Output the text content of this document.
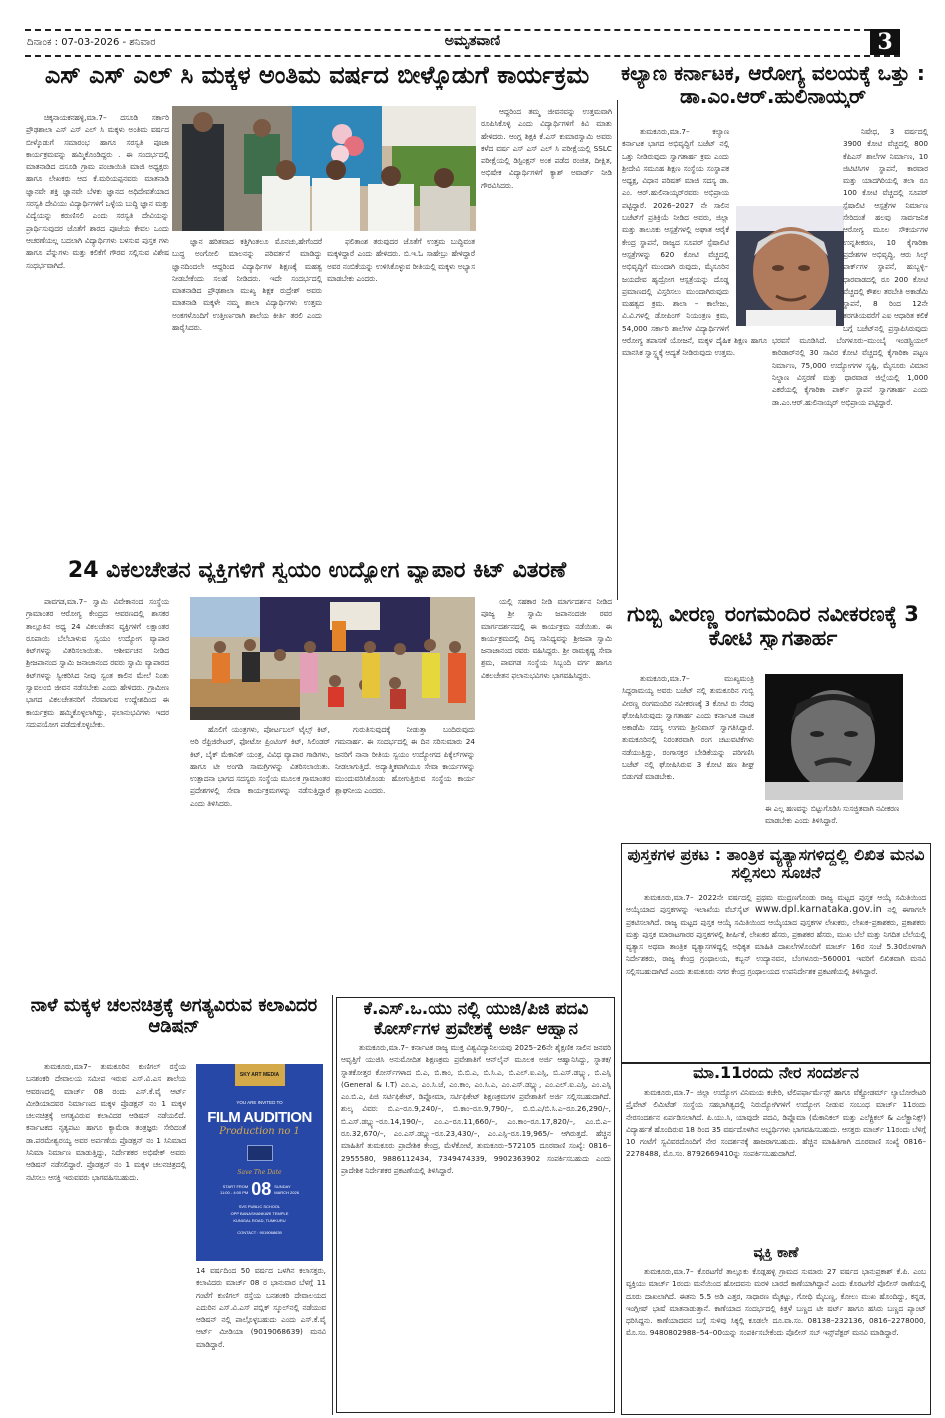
ದಿನಾಂಕ : 07-03-2026 - ಶನಿವಾರ	ಅಮೃತವಾಣಿ	3
ಎಸ್ ಎಸ್ ಎಲ್ ಸಿ ಮಕ್ಕಳ ಅಂತಿಮ ವರ್ಷದ ಬೀಳ್ಕೊಡುಗೆ ಕಾರ್ಯಕ್ರಮ

ಚಿಕ್ಕನಾಯಕನಹಳ್ಳಿ,ಮಾ.7– ದಸೂಡಿ ಸರ್ಕಾರಿ ಪ್ರೌಢಶಾಲಾ ಎಸ್ ಎಸ್ ಎಲ್ ಸಿ ಮಕ್ಕಳು ಅಂತಿಮ ವರ್ಷದ ಬೀಳ್ಕೊಡುಗೆ ಸಮಾರಂಭ ಹಾಗೂ ಸರಸ್ವತಿ ಪೂಜಾ ಕಾರ್ಯಕ್ರಮವನ್ನು ಹಮ್ಮಿಕೊಂಡಿದ್ದರು . ಈ ಸಂದರ್ಭದಲ್ಲಿ ಮಾತನಾಡಿದ ದಸೂಡಿ ಗ್ರಾಮ ಪಂಚಾಯಿತಿ ಮಾಜಿ ಅಧ್ಯಕ್ಷರು ಹಾಗೂ ಲೇಖಕರು ಆದ ಕೆ.ಮರಿಯಪ್ಪನವರು ಮಾತನಾಡಿ ಜ್ಞಾನವೇ ಶಕ್ತಿ ಜ್ಞಾನವೇ ಬೆಳಕು ಜ್ಞಾನದ ಅಧಿದೇವತೆಯಾದ ಸರಸ್ವತಿ ದೇವಿಯು ವಿದ್ಯಾರ್ಥಿಗಳಿಗೆ ಒಳ್ಳೆಯ ಬುದ್ಧಿ ಜ್ಞಾನ ಮತ್ತು ವಿದ್ಯೆಯನ್ನು ಕರುಣಿಸಲಿ ಎಂದು ಸರಸ್ವತಿ ದೇವಿಯನ್ನು ಪ್ರಾರ್ಥಿಸುವುದರ ಜೊತೆಗೆ ಶಾರದ ಪೂಜೆಯ ಕೇವಲ ಒಂದು ಆಚರಣೆಯಲ್ಲ ಬದಲಾಗಿ ವಿದ್ಯಾರ್ಥಿಗಳು ಬಳಸುವ ಪುಸ್ತಕ ಗಳು ಹಾಗೂ ಪೆನ್ನುಗಳು ಮತ್ತು ಕಲಿಕೆಗೆ ಗೌರವ ಸಲ್ಲಿಸುವ ವಿಶೇಷ ಸಂಧರ್ಭವಾಗಿದೆ.

ಜ್ಞಾನ ಹರಿತವಾದ ಕತ್ತಿಗಿಂತಲೂ ಮೊನಚು,ಹೇಗೆಂದರೆ ಬುದ್ಧ ಅಂಗೋಲಿ ಮಾಲನನ್ನು ಪರಿವರ್ತನೆ ಮಾಡಿದ್ದು ಜ್ಞಾನದಿಂದಲೇ ಆದ್ದರಿಂದ ವಿದ್ಯಾರ್ಥಿಗಳ ಶಿಕ್ಷಣಕ್ಕೆ ಮಹತ್ವ ನೀಡಬೇಕೆಂದು ಸಲಹೆ ನೀಡಿದರು. ಇದೇ ಸಂದರ್ಭದಲ್ಲಿ ಮಾತನಾಡಿದ ಪ್ರೌಢಶಾಲಾ ಮುಖ್ಯ ಶಿಕ್ಷಕ ರುದ್ರೇಶ್ ಅವರು ಮಾತನಾಡಿ ಮಕ್ಕಳೇ ನಮ್ಮ ಶಾಲಾ ವಿದ್ಯಾರ್ಥಿಗಳು ಉತ್ತಮ ಅಂಕಗಳೊಂದಿಗೆ ಉತ್ತೀರ್ಣರಾಗಿ ಶಾಲೆಯ ಕೀರ್ತಿ ತರಲಿ ಎಂದು ಹಾರೈಸಿದರು.

ಫಲಿತಾಂಶ ತರುವುದರ ಜೊತೆಗೆ ಉತ್ತಮ ಬುದ್ಧಿವಂತ ಮಕ್ಕಳಿದ್ದಾರೆ ಎಂದು ಹೇಳಿದರು. ಬಿ.ಇ.ಓ ಸಾಹೇಬ್ರು ಹೇಳಿದ್ದಾರೆ ಅವರ ನಂಬಿಕೆಯನ್ನು ಉಳಿಸಿಕೊಳ್ಳುವ ರೀತಿಯಲ್ಲಿ ಮಕ್ಕಳು ಅಭ್ಯಾಸ ಮಾಡಬೇಕು ಎಂದರು.

ಆದ್ದರಿಂದ ತಮ್ಮ ಜೀವನವನ್ನು ಉತ್ತಮವಾಗಿ ರೂಪಿಸಿಕೊಳ್ಳಿ ಎಂದು ವಿದ್ಯಾರ್ಥಿಗಳಿಗೆ ಕಿವಿ ಮಾತು ಹೇಳಿದರು. ಆಂಗ್ಲ ಶಿಕ್ಷಕಿ ಕೆ.ಎಸ್ ಕುಮಾರಸ್ವಾಮಿ ಅವರು ಕಳೆದ ವರ್ಷ ಎಸ್ ಎಸ್ ಎಲ್ ಸಿ ಪರೀಕ್ಷೆಯಲ್ಲಿ SSLC ಪರೀಕ್ಷೆಯಲ್ಲಿ ಡಿಸ್ಟಿಂಕ್ಷನ್ ಅಂಕ ಪಡೆದ ರಂಜಿತ, ದೀಕ್ಷಿತ, ಅಭಿಷೇಕ ವಿದ್ಯಾರ್ಥಿಗಳಿಗೆ ಕ್ಯಾಶ್ ಅವಾರ್ಡ್ ನೀಡಿ ಗೌರವಿಸಿದರು.

ಕಲ್ಯಾಣ ಕರ್ನಾಟಕ, ಆರೋಗ್ಯ ವಲಯಕ್ಕೆ ಒತ್ತು : ಡಾ.ಎಂ.ಆರ್.ಹುಲಿನಾಯ್ಕರ್

ತುಮಕೂರು,ಮಾ.7– ಕಲ್ಯಾಣ ಕರ್ನಾಟಕ ಭಾಗದ ಅಭಿವೃದ್ಧಿಗೆ ಬಜೆಟ್ ನಲ್ಲಿ ಒತ್ತು ನೀಡಿರುವುದು ಸ್ವಾಗತಾರ್ಹ ಕ್ರಮ ಎಂದು ಶ್ರೀದೇವಿ ಸಮೂಹ ಶಿಕ್ಷಣ ಸಂಸ್ಥೆಯ ಸಂಸ್ಥಾಪಕ ಅಧ್ಯಕ್ಷ, ವಿಧಾನ ಪರಿಷತ್ ಮಾಜಿ ಸದಸ್ಯ ಡಾ. ಎಂ. ಆರ್.ಹುಲಿನಾಯ್ಕರ್‌ರವರು ಅಭಿಪ್ರಾಯ ಪಟ್ಟಿದ್ದಾರೆ. 2026–2027 ನೇ ಸಾಲಿನ ಬಜೆಟ್‌ಗೆ ಪ್ರತಿಕ್ರಿಯೆ ನೀಡಿದ ಅವರು, ಜಿಲ್ಲಾ ಮತ್ತು ತಾಲೂಕು ಆಸ್ಪತ್ರೆಗಳಲ್ಲಿ ಅಘಾತ ಆರೈಕೆ ಕೇಂದ್ರ ಸ್ಥಾಪನೆ, ರಾಜ್ಯದ ಸೂಪರ್ ಸ್ಪೆಷಾಲಿಟಿ ಆಸ್ಪತ್ರೆಗಳನ್ನು 620 ಕೋಟಿ ವೆಚ್ಚದಲ್ಲಿ ಅಭಿವೃದ್ಧಿಗೆ ಮುಂದಾಗಿ ರುವುದು, ಮೈಸೂರಿನ ಜಯದೇವ ಹೃದ್ರೋಗ ಆಸ್ಪತ್ರೆಯನ್ನು ದೊಡ್ಡ ಪ್ರಮಾಣದಲ್ಲಿ ವಿಸ್ತರಿಸಲು ಮುಂದಾಗಿರುವುದು ಮಹತ್ವದ ಕ್ರಮ. ಶಾಲಾ – ಕಾಲೇಜು, ವಿ.ವಿ.ಗಳಲ್ಲಿ ಡೋಪಿಂಗ್ ನಿಯಂತ್ರಣ ಕ್ರಮ, 54,000 ಸರ್ಕಾರಿ ಶಾಲೆಗಳ ವಿದ್ಯಾರ್ಥಿಗಳಿಗೆ ಆರೋಗ್ಯ ತಪಾಸಣೆ ಯೋಜನೆ, ಮಕ್ಕಳ ದೈಹಿಕ ಶಿಕ್ಷಣ ಹಾಗೂ ಮಾನಸಿಕ ಸ್ವಾಸ್ಥ್ಯಕ್ಕೆ ಆದ್ಯತೆ ನೀಡಿರುವುದು ಉತ್ತಮ.

ನಿಷೇಧ, 3 ವರ್ಷದಲ್ಲಿ 3900 ಕೋಟಿ ವೆಚ್ಚದಲ್ಲಿ 800 ಕೆಪಿಎಸ್ ಶಾಲೆಗಳ ನಿರ್ಮಾಣ, 10 ಜಿಟಿಟಿಸಿಗಳ ಸ್ಥಾಪನೆ, ಕಾರವಾರ ಮತ್ತು ಯಾದಗಿರಿಯಲ್ಲಿ ತಲಾ ರೂ 100 ಕೋಟಿ ವೆಚ್ಚದಲ್ಲಿ ಸೂಪರ್ ಸ್ಪೆಷಾಲಿಟಿ ಆಸ್ಪತ್ರೆಗಳ ನಿರ್ಮಾಣ ಸೇರಿದಂತೆ ಹಲವು ಸಾರ್ವಜನಿಕ ಆರೋಗ್ಯ ಮೂಲ ಸೌಕರ್ಯಗಳ ಉನ್ನತೀಕರಣ, 10 ಕೈಗಾರಿಕಾ ಪ್ರದೇಶಗಳ ಅಭಿವೃದ್ಧಿ, ಆರು ಸಿಲ್ಕ್ ಪಾರ್ಕ್‌ಗಳ ಸ್ಥಾಪನೆ, ಹುಬ್ಬಳ್ಳಿ–ಧಾರವಾಡದಲ್ಲಿ ರೂ 200 ಕೋಟಿ ವೆಚ್ಚದಲ್ಲಿ ಕೌಶಲ ತರಬೇತಿ ಅಕಾಡೆಮಿ ಸ್ಥಾಪನೆ, 8 ರಿಂದ 12ನೇ ತರಗತಿಯವರೆಗೆ ಎಐ ಆಧಾರಿತ ಕಲಿಕೆ ಬಗ್ಗೆ ಬಜೆಟ್‌ನಲ್ಲಿ ಪ್ರಸ್ತಾಪಿಸಿರುವುದು ಭರವಸೆ ಮೂಡಿಸಿದೆ. ಬೆಂಗಳೂರು–ಮುಂಬೈ ಇಂಡಸ್ಟ್ರಿಯಲ್ ಕಾರಿಡಾರ್‌ನಲ್ಲಿ 30 ಸಾವಿರ ಕೋಟಿ ವೆಚ್ಚದಲ್ಲಿ ಕೈಗಾರಿಕಾ ಪಟ್ಟಣ ನಿರ್ಮಾಣ, 75,000 ಉದ್ಯೋಗಗಳ ಸೃಷ್ಟಿ, ಮೈಸೂರು ವಿಮಾನ ನಿಲ್ದಾಣ ವಿಸ್ತರಣೆ ಮತ್ತು ಧಾರವಾಡ ಜಿಲ್ಲೆಯಲ್ಲಿ 1,000 ಎಕರೆಯಲ್ಲಿ ಕೈಗಾರಿಕಾ ಪಾರ್ಕ್ ಸ್ಥಾಪನೆ ಸ್ವಾಗತಾರ್ಹ ಎಂದು ಡಾ.ಎಂ.ಆರ್.ಹುಲಿನಾಯ್ಕರ್ ಅಭಿಪ್ರಾಯ ಪಟ್ಟಿದ್ದಾರೆ.

24 ವಿಕಲಚೇತನ ವ್ಯಕ್ತಿಗಳಿಗೆ ಸ್ವಯಂ ಉದ್ಯೋಗ ವ್ಯಾಪಾರ ಕಿಟ್ ವಿತರಣೆ

ಪಾವಗಡ,ಮಾ.7– ಸ್ವಾಮಿ ವಿವೇಕಾನಂದ ಸಂಸ್ಥೆಯ ಗ್ರಾಮಾಂತರ ಆರೋಗ್ಯ ಕೇಂದ್ರದ ಆವರಣದಲ್ಲಿ ಶಾಸಕರ ತಾಲ್ಲೂಕಿನ ಅಧ್ಯ 24 ವಿಕಲಚೇತನ ವ್ಯಕ್ತಿಗಳಿಗೆ ಲಕ್ಷಾಂತರ ರೂಪಾಯಿ ಬೆಲೆಬಾಳುವ ಸ್ವಯಂ ಉದ್ಯೋಗ ವ್ಯಾಪಾರ ಕಿಟ್‌ಗಳನ್ನು ವಿತರಿಸಲಾಯಿತು. ಆಶೀರ್ವಚನ ನೀಡಿದ ಶ್ರೀಜಪಾನಂದ ಸ್ವಾಮಿ ಜನಾಜಾನಂದ ರವರು ಸ್ವಾಮಿ ವ್ಯಾಪಾರದ ಕಿಟ್‌ಗಳನ್ನು ಸ್ವೀಕರಿಸಿದ ನೀವು ಸ್ವಂತ ಕಾಲಿನ ಮೇಲೆ ನಿಂತು ಸ್ವಾವಲಂಬಿ ಜೀವನ ನಡೆಸಬೇಕು ಎಂದು ಹೇಳಿದರು. ಗ್ರಾಮೀಣ ಭಾಗದ ವಿಕಲಚೇತನರಿಗೆ ನೆರವಾಗುವ ಉದ್ದೇಶದಿಂದ ಈ ಕಾರ್ಯಕ್ರಮ ಹಮ್ಮಿಕೊಳ್ಳಲಾಗಿದ್ದು, ಫಲಾನುಭವಿಗಳು ಇದರ ಸದುಪಯೋಗ ಪಡೆದುಕೊಳ್ಳಬೇಕು.

ಹೊಲಿಗೆ ಯಂತ್ರಗಳು, ಪೋರ್ಟಬಲ್ ಟೈಲ್ಸ್ ಕಿಟ್, ಅರಿ ರೆಫ್ರಿಜಿರೇಟರ್, ಫೋಟೋ ಪ್ರಿಂಟಿಂಗ್ ಕಿಟ್, ಸಿಲಿಂಡರ್ ಕಿಟ್, ಬೈಕ್ ಮೆಕಾನಿಕ್ ಯಂತ್ರ, ವಿವಿಧ ವ್ಯಾಪಾರ ಗಾಡಿಗಳು, ಹಾಗೂ ಟೀ ಅಂಗಡಿ ಸಾಮಗ್ರಿಗಳನ್ನು ವಿತರಿಸಲಾಯಿತು. ಉತ್ಪಾದನಾ ಭಾಗದ ಸದಸ್ಯರು ಸಂಸ್ಥೆಯ ಮೂಲಕ ಗ್ರಾಮಾಂತರ ಪ್ರದೇಶಗಳಲ್ಲಿ ಸೇವಾ ಕಾರ್ಯಕ್ರಮಗಳನ್ನು ನಡೆಸುತ್ತಿದ್ದಾರೆ ಎಂದು ತಿಳಿಸಿದರು.

ಗುರುತಿಸುವುದಕ್ಕೆ ನೀಡುತ್ತಾ ಬಂದಿರುವುದು ಗಮನಾರ್ಹ. ಈ ಸಂದರ್ಭದಲ್ಲಿ ಈ ದಿನ ಸರಿಸುಮಾರು 24 ಜನರಿಗೆ ನಾನಾ ರೀತಿಯ ಸ್ವಯಂ ಉದ್ಯೋಗದ ಪಿಕ್ಕೆಲ್‌ಗಳನ್ನು ನೀಡಲಾಗುತ್ತಿದೆ. ಅದ್ಯಾತ್ಮಿಕವಾಗಿಯೂ ಸೇವಾ ಕಾರ್ಯಗಳನ್ನು ಮುಂದುವರಿಸಿಕೊಂಡು ಹೋಗುತ್ತಿರುವ ಸಂಸ್ಥೆಯ ಕಾರ್ಯ ಶ್ಲಾಘನೀಯ ಎಂದರು.

ಯಲ್ಲಿ ಸಹಕಾರ ನೀಡಿ ಮಾರ್ಗದರ್ಶನ ನೀಡಿದ ಪೂಜ್ಯ ಶ್ರೀ ಸ್ವಾಮಿ ಜಪಾನಂದಜೀ ರವರ ಮಾರ್ಗದರ್ಶನದಲ್ಲಿ ಈ ಕಾರ್ಯಕ್ರಮ ನಡೆಯಿತು. ಈ ಕಾರ್ಯಕ್ರಮದಲ್ಲಿ ದಿವ್ಯ ಸಾನಿಧ್ಯವನ್ನು ಶ್ರೀಜಪಾ ಸ್ವಾಮಿ ಜನಾಜಾನಂದ ರವರು ವಹಿಸಿದ್ದರು. ಶ್ರೀ ರಾಮಕೃಷ್ಣ ಸೇವಾ ಶ್ರಮ, ಪಾವಗಡ ಸಂಸ್ಥೆಯ ಸಿಬ್ಬಂದಿ ವರ್ಗ ಹಾಗೂ ವಿಕಲಚೇತನ ಫಲಾನುಭವಿಗಳು ಭಾಗವಹಿಸಿದ್ದರು.

ಗುಬ್ಬಿ ವೀರಣ್ಣ ರಂಗಮಂದಿರ ನವೀಕರಣಕ್ಕೆ 3 ಕೋಟಿ ಸ್ವಾಗತಾರ್ಹ

ತುಮಕೂರು,ಮಾ.7– ಮುಖ್ಯಮಂತ್ರಿ ಸಿದ್ದರಾಮಯ್ಯ ಅವರು ಬಜೆಟ್ ನಲ್ಲಿ ತುಮಕೂರಿನ ಗುಬ್ಬಿ ವೀರಣ್ಣ ರಂಗಮಂದಿರ ನವೀಕರಣಕ್ಕೆ 3 ಕೋಟಿ ರು ನೆರವು ಘೋಷಿಸಿರುವುದು ಸ್ವಾಗತಾರ್ಹ ಎಂದು ಕರ್ನಾಟಕ ನಾಟಕ ಅಕಾಡೆಮಿ ಸದಸ್ಯ ಉಗಮ ಶ್ರೀನಿವಾಸ್ ಸ್ವಾಗತಿಸಿದ್ದಾರೆ. ತುಮಕೂರಿನಲ್ಲಿ ನಿರಂತರವಾಗಿ ರಂಗ ಚಟುವಟಿಕೆಗಳು ನಡೆಯುತ್ತಿದ್ದು, ರಂಗಾಸಕ್ತರ ಬೇಡಿಕೆಯನ್ನು ಪರಿಗಣಿಸಿ ಬಜೆಟ್ ನಲ್ಲಿ ಘೋಷಿಸಿರುವ 3 ಕೋಟಿ ಹಣ ಶೀಘ್ರ ಬಿಡುಗಡೆ ಮಾಡಬೇಕು.

ಈ ಎಲ್ಲ ಹಣವನ್ನು ಬಿಟ್ಟುಗೊಡಿಸಿ ಸುಸಜ್ಜಿತವಾಗಿ ನವೀಕರಣ ಮಾಡಬೇಕು ಎಂದು ತಿಳಿಸಿದ್ದಾರೆ.
ಪುಸ್ತಕಗಳ ಪ್ರಕಟ : ತಾಂತ್ರಿಕ ವ್ಯತ್ಯಾಸಗಳಿದ್ದಲ್ಲಿ ಲಿಖಿತ ಮನವಿ ಸಲ್ಲಿಸಲು ಸೂಚನೆ

ತುಮಕೂರು,ಮಾ.7– 2022ನೇ ವರ್ಷದಲ್ಲಿ ಪ್ರಥಮ ಮುದ್ರಣಗೊಂಡು ರಾಜ್ಯ ಮಟ್ಟದ ಪುಸ್ತಕ ಆಯ್ಕೆ ಸಮಿತಿಯಿಂದ ಆಯ್ಕೆಯಾದ ಪುಸ್ತಕಗಳನ್ನು ಇಲಾಖೆಯ ವೆಬ್‌ಸೈಟ್ www.dpl.karnataka.gov.in ನಲ್ಲಿ ಈಗಾಗಲೇ ಪ್ರಕಟಿಸಲಾಗಿದೆ. ರಾಜ್ಯ ಮಟ್ಟದ ಪುಸ್ತಕ ಆಯ್ಕೆ ಸಮಿತಿಯಿಂದ ಆಯ್ಕೆಯಾದ ಪುಸ್ತಕಗಳ ಲೇಖಕರು, ಲೇಖಕ–ಪ್ರಕಾಶಕರು, ಪ್ರಕಾಶಕರು ಮತ್ತು ಪುಸ್ತಕ ಮಾರಾಟಗಾರರ ಪುಸ್ತಕಗಳಲ್ಲಿ ಶೀರ್ಷಿಕೆ, ಲೇಖಕರ ಹೆಸರು, ಪ್ರಕಾಶಕರ ಹೆಸರು, ಮುಖ ಬೆಲೆ ಮತ್ತು ನಿಗದಿತ ಬೆಲೆಯಲ್ಲಿ ವ್ಯತ್ಯಾಸ ಅಥವಾ ತಾಂತ್ರಿಕ ವ್ಯತ್ಯಾಸಗಳಿದ್ದಲ್ಲಿ ಅಧಿಕೃತ ಮಾಹಿತಿ ದಾಖಲೆಗಳೊಂದಿಗೆ ಮಾರ್ಚ್ 16ರ ಸಂಜೆ 5.30ರೊಳಗಾಗಿ ನಿರ್ದೇಶಕರು, ರಾಜ್ಯ ಕೇಂದ್ರ ಗ್ರಂಥಾಲಯ, ಕಬ್ಬನ್ ಉದ್ಯಾನವನ, ಬೆಂಗಳೂರು–560001 ಇವರಿಗೆ ಲಿಖಿತವಾಗಿ ಮನವಿ ಸಲ್ಲಿಸಬಹುದಾಗಿದೆ ಎಂದು ತುಮಕೂರು ನಗರ ಕೇಂದ್ರ ಗ್ರಂಥಾಲಯದ ಉಪನಿರ್ದೇಶಕ ಪ್ರಕಟಣೆಯಲ್ಲಿ ತಿಳಿಸಿದ್ದಾರೆ.

ನಾಳೆ ಮಕ್ಕಳ ಚಲನಚಿತ್ರಕ್ಕೆ ಅಗತ್ಯವಿರುವ ಕಲಾವಿದರ ಆಡಿಷನ್

ತುಮಕೂರು,ಮಾ7– ತುಮಕೂರಿನ ಕುಣಿಗಲ್ ರಸ್ತೆಯ ಬನಶಂಕರಿ ದೇವಾಲಯ ಸಮೀಪ ಇರುವ ಎಸ್.ವಿ.ಎಸ ಶಾಲೆಯ ಆವರಣದಲ್ಲಿ ಮಾರ್ಚ್ 08 ರಂದು ಎಸ್.ಕೆ.ವೈ ಆರ್ಟ್ ಮೀಡಿಯಾದವರ ನಿರ್ಮಾಣದ ಮಕ್ಕಳ ಪ್ರೊಡಕ್ಷನ್ ನಂ 1 ಮಕ್ಕಳ ಚಲನಚಿತ್ರಕ್ಕೆ ಅಗತ್ಯವಿರುವ ಕಲಾವಿದರ ಆಡಿಷನ್ ನಡೆಯಲಿದೆ. ಕರ್ನಾಟಕದ ನೃತ್ಯಪಟು ಹಾಗೂ ಕ್ಯಾಮೆರಾ ತಂತ್ರಜ್ಞರು ಸೇರಿದಂತೆ ಡಾ.ಪರಮೇಶ್ವರಯ್ಯ ಅವರ ಅರ್ಪಣೆಯ ಪ್ರೊಡಕ್ಷನ್ ನಂ 1 ಸಿನಿಮಾದ ಸಿನಿಮಾ ನಿರ್ಮಾಣ ಮಾಡುತ್ತಿದ್ದು, ನಿರ್ದೇಶಕರ ಅಭಿಷೇಕ್ ಅವರು ಆಡಿಷನ್ ನಡೆಸಲಿದ್ದಾರೆ. ಪ್ರೊಡಕ್ಷನ್ ನಂ 1 ಮಕ್ಕಳ ಚಲನಚಿತ್ರದಲ್ಲಿ ನಟಿಸಲು ಆಸಕ್ತಿ ಇರುವವರು ಭಾಗವಹಿಸಬಹುದು.

SKY ART MEDIA
YOU ARE INVITED TO
FILM AUDITION
Production no 1
Save The Date
START FROM
11:00 - 4:00 PM 08 SUNDAY
MARCH 2026
SVS PUBLIC SCHOOL
OPP BANASHANKARI TEMPLE
KUNIGAL ROAD, TUMKURU
CONTACT : 9019068639

14 ವರ್ಷದಿಂದ 50 ವರ್ಷದ ಒಳಗಿನ ಕಲಾಸಕ್ತರು, ಕಲಾವಿದರು ಮಾರ್ಚ್ 08 ರ ಭಾನುವಾರ ಬೆಳಗ್ಗೆ 11 ಗಂಟೆಗೆ ಕುಣಿಗಲ್ ರಸ್ತೆಯ ಬನಶಂಕರಿ ದೇವಾಲಯದ ಎದುರಿನ ಎಸ್.ವಿ.ಎಸ್ ಪಬ್ಲಿಕ್ ಸ್ಕೂಲ್‌ನಲ್ಲಿ ನಡೆಯುವ ಆಡಿಷನ್ ನಲ್ಲಿ ಪಾಲ್ಗೊಳ್ಳಬಹುದು ಎಂದು ಎಸ್.ಕೆ.ವೈ ಆರ್ಟ್ ಮೀಡಿಯಾ (9019068639) ಮನವಿ ಮಾಡಿದ್ದಾರೆ.

ಕೆ.ಎಸ್.ಒ.ಯು ನಲ್ಲಿ ಯುಜಿ/ಪಿಜಿ ಪದವಿ ಕೋರ್ಸ್‌ಗಳ ಪ್ರವೇಶಕ್ಕೆ ಅರ್ಜಿ ಆಹ್ವಾನ

ತುಮಕೂರು,ಮಾ.7– ಕರ್ನಾಟಕ ರಾಜ್ಯ ಮುಕ್ತ ವಿಶ್ವವಿದ್ಯಾನಿಲಯವು 2025–26ನೇ ಶೈಕ್ಷಣಿಕ ಸಾಲಿನ ಜನವರಿ ಆವೃತ್ತಿಗೆ ಯುಜಿಸಿ ಅನುಮೋದಿತ ಶಿಕ್ಷಣಕ್ರಮ ಪ್ರವೇಶಾತಿಗೆ ಆನ್‌ಲೈನ್ ಮೂಲಕ ಅರ್ಜಿ ಆಹ್ವಾನಿಸಿದ್ದು, ಸ್ನಾತಕ/ಸ್ನಾತಕೋತ್ತರ ಕೋರ್ಸ್‌ಗಳಾದ ಬಿ.ಎ, ಬಿ.ಕಾಂ, ಬಿ.ಬಿ.ಎ, ಬಿ.ಸಿ.ಎ, ಬಿ.ಎಲ್.ಐ.ಎಸ್ಸಿ, ಬಿ.ಎಸ್.ಡಬ್ಲ್ಯು, ಬಿ.ಎಸ್ಸಿ (General & I.T) ಎಂ.ಎ, ಎಂ.ಸಿ.ಜೆ, ಎಂ.ಕಾಂ, ಎಂ.ಸಿ.ಎ, ಎಂ.ಎಸ್.ಡಬ್ಲ್ಯು, ಎಂ.ಎಲ್.ಐ.ಎಸ್ಸಿ, ಎಂ.ಎಸ್ಸಿ ಎಂ.ಬಿ.ಎ, ಪಿಜಿ ಸರ್ಟಿಫಿಕೇಟ್, ಡಿಪ್ಲೋಮಾ, ಸರ್ಟಿಫಿಕೇಟ್ ಶಿಕ್ಷಣಕ್ರಮಗಳ ಪ್ರವೇಶಾತಿಗೆ ಅರ್ಜಿ ಸಲ್ಲಿಸಬಹುದಾಗಿದೆ. ಶುಲ್ಕ ವಿವರ: ಬಿ.ಎ–ರೂ.9,240/–, ಬಿ.ಕಾಂ–ರೂ.9,790/–, ಬಿ.ಬಿ.ಎ/ಬಿ.ಸಿ.ಎ–ರೂ.26,290/–, ಬಿ.ಎಸ್.ಡಬ್ಲ್ಯು–ರೂ.14,190/–, ಎಂ.ಎ–ರೂ.11,660/–, ಎಂ.ಕಾಂ–ರೂ.17,820/–, ಎಂ.ಬಿ.ಎ–ರೂ.32,670/–, ಎಂ.ಎಸ್.ಡಬ್ಲ್ಯು–ರೂ.23,430/–, ಎಂ.ಎಸ್ಸಿ–ರೂ.19,965/– ಆಗಿರುತ್ತದೆ. ಹೆಚ್ಚಿನ ಮಾಹಿತಿಗೆ ತುಮಕೂರು ಪ್ರಾದೇಶಿಕ ಕೇಂದ್ರ, ಮೆಳೆಕೋಟೆ, ತುಮಕೂರು–572105 ದೂರವಾಣಿ ಸಂಖ್ಯೆ: 0816–2955580, 9886112434, 7349474339, 9902363902 ಸಂಪರ್ಕಿಸಬಹುದು ಎಂದು ಪ್ರಾದೇಶಿಕ ನಿರ್ದೇಶಕರ ಪ್ರಕಟಣೆಯಲ್ಲಿ ತಿಳಿಸಿದ್ದಾರೆ.

ಮಾ.11ರಂದು ನೇರ ಸಂದರ್ಶನ

ತುಮಕೂರು,ಮಾ.7– ಜಿಲ್ಲಾ ಉದ್ಯೋಗ ವಿನಿಮಯ ಕಚೇರಿ, ಟೆಲಿಪರ್ಫಾರ್ಮೆನ್ಸ್ ಹಾಗೂ ವೆಕ್ಟ್ರೋಡರ್ಮ್ ಲ್ಯಾಬೋರೇಟರಿ ಪ್ರೈವೇಟ್ ಲಿಮಿಟೆಡ್ ಸಂಸ್ಥೆಯ ಸಹಭಾಗಿತ್ವದಲ್ಲಿ ನಿರುದ್ಯೋಗಿಗಳಿಗೆ ಉದ್ಯೋಗ ನೀಡುವ ಸಂಬಂಧ ಮಾರ್ಚ್ 11ರಂದು ನೇರಸಂದರ್ಶನ ಏರ್ಪಡಿಸಲಾಗಿದೆ. ಪಿ.ಯು.ಸಿ, ಯಾವುದೇ ಪದವಿ, ಡಿಪ್ಲೊಮಾ (ಮೆಕಾನಿಕಲ್ ಮತ್ತು ಎಲೆಕ್ಟ್ರಿಕಲ್ & ಎಲೆಕ್ಟ್ರಾನಿಕ್ಸ್) ವಿದ್ಯಾರ್ಹತೆ ಹೊಂದಿರುವ 18 ರಿಂದ 35 ವರ್ಷದೊಳಗಿನ ಅಭ್ಯರ್ಥಿಗಳು ಭಾಗವಹಿಸಬಹುದು. ಆಸಕ್ತರು ಮಾರ್ಚ್ 11ರಂದು ಬೆಳಿಗ್ಗೆ 10 ಗಂಟೆಗೆ ಸ್ವವಿವರದೊಂದಿಗೆ ನೇರ ಸಂದರ್ಶನಕ್ಕೆ ಹಾಜರಾಗಬಹುದು. ಹೆಚ್ಚಿನ ಮಾಹಿತಿಗಾಗಿ ದೂರವಾಣಿ ಸಂಖ್ಯೆ 0816–2278488, ಮೊ.ಸಂ. 8792669410ನ್ನು ಸಂಪರ್ಕಿಸಬಹುದಾಗಿದೆ.

ವ್ಯಕ್ತಿ ಕಾಣೆ

ತುಮಕೂರು,ಮಾ.7– ಕೊರಟಗೆರೆ ತಾಲ್ಲೂಕು ಕೊಡ್ಲಹಳ್ಳಿ ಗ್ರಾಮದ ಸುಮಾರು 27 ವರ್ಷದ ಭಾನುಪ್ರಕಾಶ್ ಕೆ.ಪಿ. ಎಂಬ ವ್ಯಕ್ತಿಯು ಮಾರ್ಚ್ 1ರಂದು ಮನೆಯಿಂದ ಹೋದವನು ಮರಳಿ ಬಾರದೆ ಕಾಣೆಯಾಗಿದ್ದಾನೆ ಎಂದು ಕೊರಟಗೆರೆ ಪೊಲೀಸ್ ಠಾಣೆಯಲ್ಲಿ ದೂರು ದಾಖಲಾಗಿದೆ. ಈತನು 5.5 ಅಡಿ ಎತ್ತರ, ಸಾಧಾರಣ ಮೈಕಟ್ಟು, ಗೋಧಿ ಮೈಬಣ್ಣ, ಕೋಲು ಮುಖ ಹೊಂದಿದ್ದು, ಕನ್ನಡ, ಇಂಗ್ಲೀಷ್ ಭಾಷೆ ಮಾತನಾಡುತ್ತಾನೆ. ಕಾಣೆಯಾದ ಸಂದರ್ಭದಲ್ಲಿ ಕಿತ್ತಳೆ ಬಣ್ಣದ ಟೀ ಷರ್ಟ್ ಹಾಗೂ ಹಸಿರು ಬಣ್ಣದ ಪ್ಯಾಂಟ್ ಧರಿಸಿದ್ದನು. ಕಾಣೆಯಾದವನ ಬಗ್ಗೆ ಸುಳಿವು ಸಿಕ್ಕಲ್ಲಿ ಕೂಡಲೇ ದೂ.ವಾ.ಸಂ. 08138–232136, 0816–2278000, ಮೊ.ಸಂ. 9480802988–54–00ಯನ್ನು ಸಂಪರ್ಕಿಸಬೇಕೆಂದು ಪೊಲೀಸ್ ಸಬ್ ಇನ್ಸ್‌ಪೆಕ್ಟರ್ ಮನವಿ ಮಾಡಿದ್ದಾರೆ.
